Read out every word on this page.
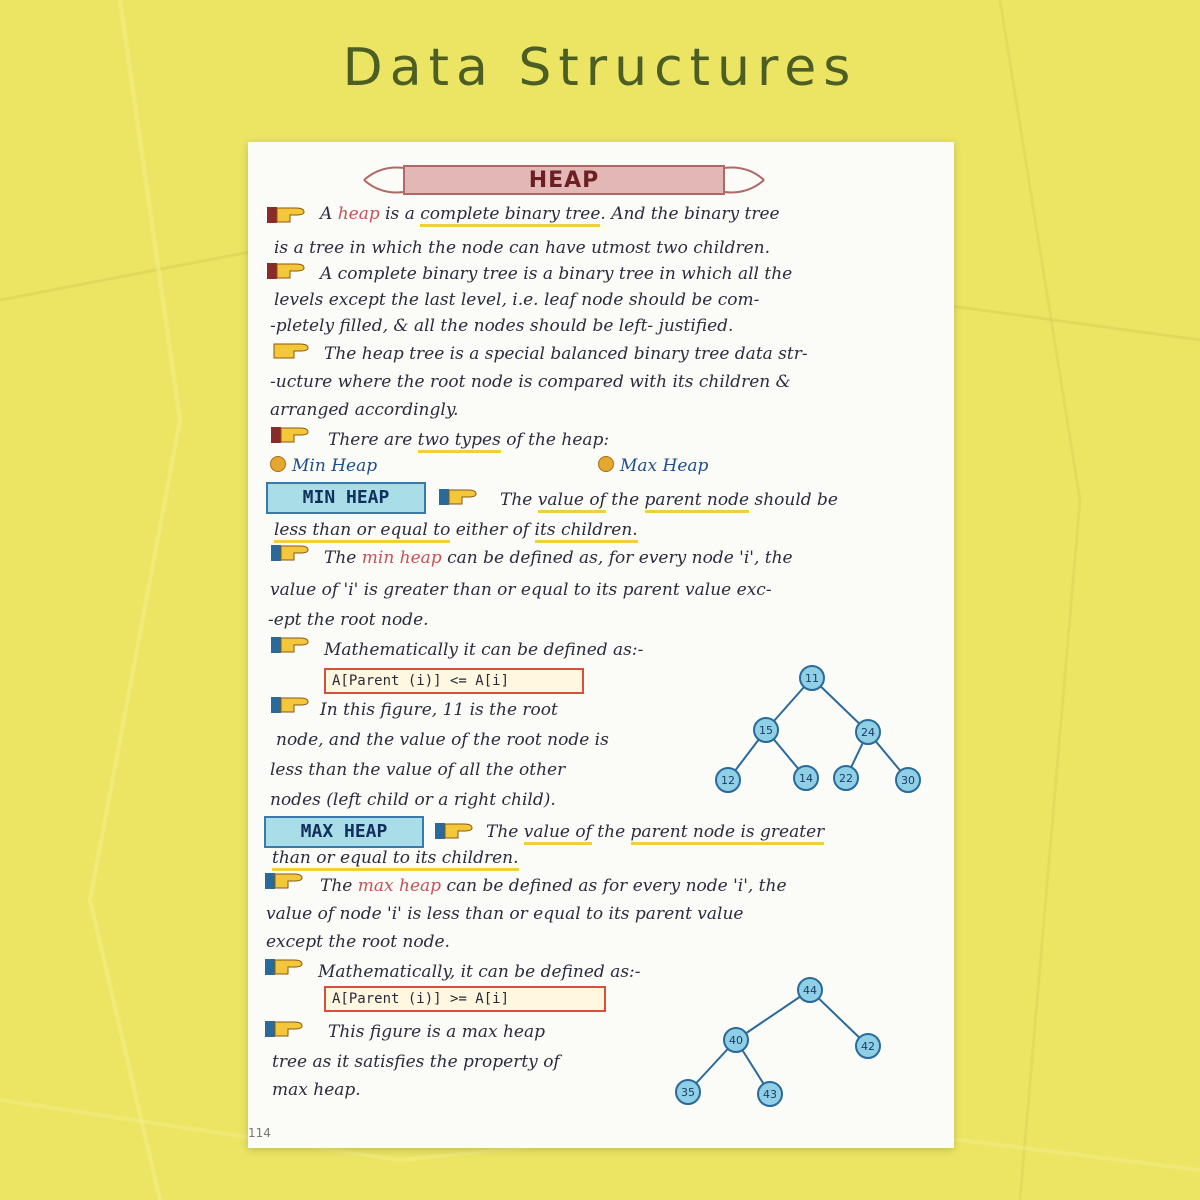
Data Structures
HEAP
A heap is a complete binary tree. And the binary tree
is a tree in which the node can have utmost two children.
A complete binary tree is a binary tree in which all the
levels except the last level, i.e. leaf node should be com-
-pletely filled, & all the nodes should be left- justified.
The heap tree is a special balanced binary tree data str-
-ucture where the root node is compared with its children &
arranged accordingly.
There are two types of the heap:
Min Heap	Max Heap
MIN HEAP	The value of the parent node should be
less than or equal to either of its children.
The min heap can be defined as, for every node 'i', the
value of 'i' is greater than or equal to its parent value exc-
-ept the root node.
Mathematically it can be defined as:-
A[Parent (i)] <= A[i]
In this figure, 11 is the root
node, and the value of the root node is
less than the value of all the other
nodes (left child or a right child).
11
15	24
12	14 22	30
MAX HEAP	The value of the parent node is greater
than or equal to its children.
The max heap can be defined as for every node 'i', the
value of node 'i' is less than or equal to its parent value
except the root node.
Mathematically, it can be defined as:-
A[Parent (i)] >= A[i]
This figure is a max heap
tree as it satisfies the property of
max heap.
44
40	42
35	43
114
